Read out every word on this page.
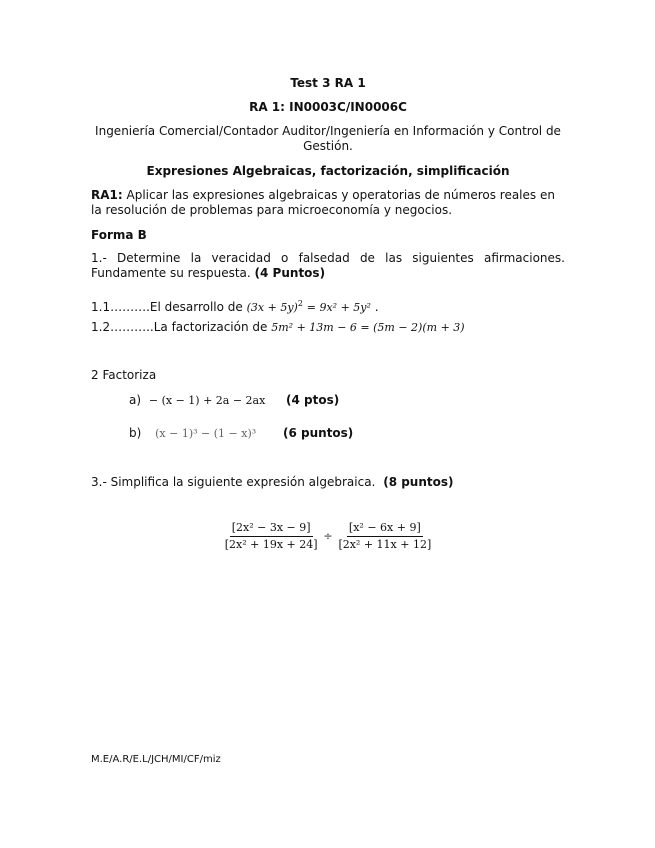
Test 3 RA 1
RA 1: IN0003C/IN0006C
Ingeniería Comercial/Contador Auditor/Ingeniería en Información y Control de Gestión.
Expresiones Algebraicas, factorización, simplificación
RA1: Aplicar las expresiones algebraicas y operatorias de números reales en la resolución de problemas para microeconomía y negocios.
Forma B
1.- Determine la veracidad o falsedad de las siguientes afirmaciones.
Fundamente su respuesta. (4 Puntos)
1.1……….El desarrollo de $(3x + 5y)^2 = 9x^2 + 5y^2$ .
1.2………..La factorización de 5m² + 13m − 6 = (5m − 2)(m + 3)
2 Factoriza
a) − (x − 1) + 2a − 2ax (4 ptos)
b) (x − 1)³ − (1 − x)³ (6 puntos)
3.- Simplifica la siguiente expresión algebraica. (8 puntos)
$\frac{\text{[2x² − 3x − 9]}}{\text{[2x² + 19x + 24]}} \div \frac{\text{[x² − 6x + 9]}}{\text{[2x² + 11x + 12]}}$
M.E/A.R/E.L/JCH/MI/CF/miz
